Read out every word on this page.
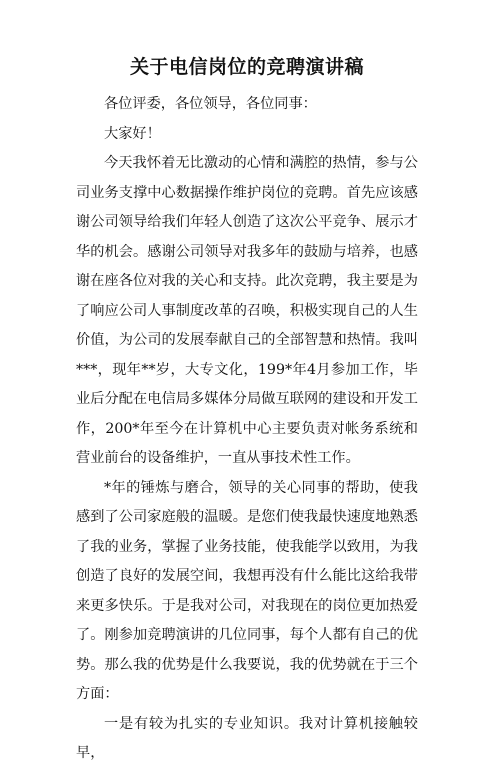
关于电信岗位的竞聘演讲稿

各位评委，各位领导，各位同事：

大家好！

今天我怀着无比激动的心情和满腔的热情，参与公司业务支撑中心数据操作维护岗位的竞聘。首先应该感谢公司领导给我们年轻人创造了这次公平竞争、展示才华的机会。感谢公司领导对我多年的鼓励与培养，也感谢在座各位对我的关心和支持。此次竞聘，我主要是为了响应公司人事制度改革的召唤，积极实现自己的人生价值，为公司的发展奉献自己的全部智慧和热情。我叫***，现年**岁，大专文化，199*年4月参加工作，毕业后分配在电信局多媒体分局做互联网的建设和开发工作，200*年至今在计算机中心主要负责对帐务系统和营业前台的设备维护，一直从事技术性工作。

*年的锤炼与磨合，领导的关心同事的帮助，使我感到了公司家庭般的温暖。是您们使我最快速度地熟悉了我的业务，掌握了业务技能，使我能学以致用，为我创造了良好的发展空间，我想再没有什么能比这给我带来更多快乐。于是我对公司，对我现在的岗位更加热爱了。刚参加竞聘演讲的几位同事，每个人都有自己的优势。那么我的优势是什么我要说，我的优势就在于三个方面：

一是有较为扎实的专业知识。我对计算机接触较早，
